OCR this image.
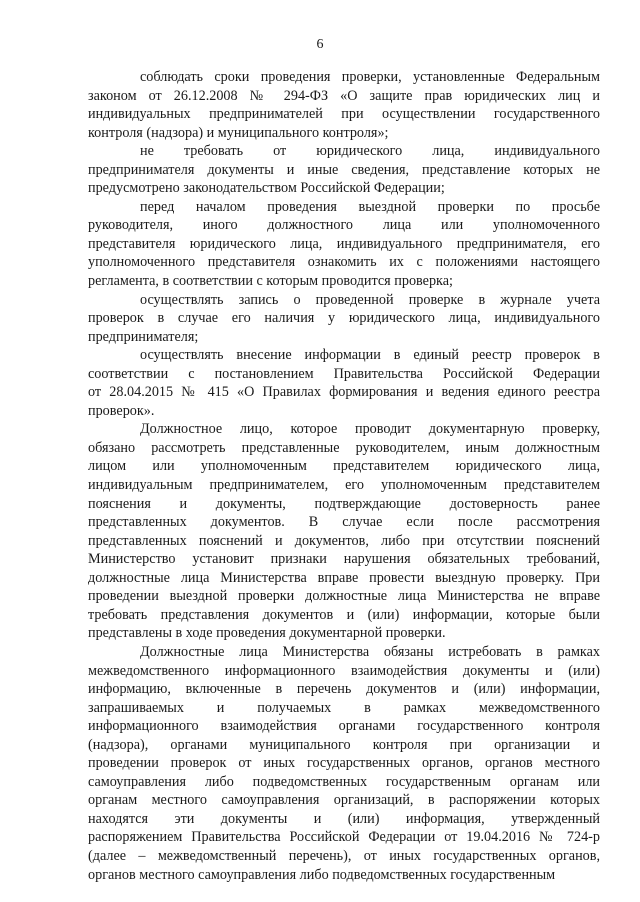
6
соблюдать сроки проведения проверки, установленные Федеральным
законом от 26.12.2008 № 294-ФЗ «О защите прав юридических лиц и
индивидуальных предпринимателей при осуществлении государственного
контроля (надзора) и муниципального контроля»;
не требовать от юридического лица, индивидуального
предпринимателя документы и иные сведения, представление которых не
предусмотрено законодательством Российской Федерации;
перед началом проведения выездной проверки по просьбе
руководителя, иного должностного лица или уполномоченного
представителя юридического лица, индивидуального предпринимателя, его
уполномоченного представителя ознакомить их с положениями настоящего
регламента, в соответствии с которым проводится проверка;
осуществлять запись о проведенной проверке в журнале учета
проверок в случае его наличия у юридического лица, индивидуального
предпринимателя;
осуществлять внесение информации в единый реестр проверок в
соответствии с постановлением Правительства Российской Федерации
от 28.04.2015 № 415 «О Правилах формирования и ведения единого реестра
проверок».
Должностное лицо, которое проводит документарную проверку,
обязано рассмотреть представленные руководителем, иным должностным
лицом или уполномоченным представителем юридического лица,
индивидуальным предпринимателем, его уполномоченным представителем
пояснения и документы, подтверждающие достоверность ранее
представленных документов. В случае если после рассмотрения
представленных пояснений и документов, либо при отсутствии пояснений
Министерство установит признаки нарушения обязательных требований,
должностные лица Министерства вправе провести выездную проверку. При
проведении выездной проверки должностные лица Министерства не вправе
требовать представления документов и (или) информации, которые были
представлены в ходе проведения документарной проверки.
Должностные лица Министерства обязаны истребовать в рамках
межведомственного информационного взаимодействия документы и (или)
информацию, включенные в перечень документов и (или) информации,
запрашиваемых и получаемых в рамках межведомственного
информационного взаимодействия органами государственного контроля
(надзора), органами муниципального контроля при организации и
проведении проверок от иных государственных органов, органов местного
самоуправления либо подведомственных государственным органам или
органам местного самоуправления организаций, в распоряжении которых
находятся эти документы и (или) информация, утвержденный
распоряжением Правительства Российской Федерации от 19.04.2016 № 724-р
(далее – межведомственный перечень), от иных государственных органов,
органов местного самоуправления либо подведомственных государственным
